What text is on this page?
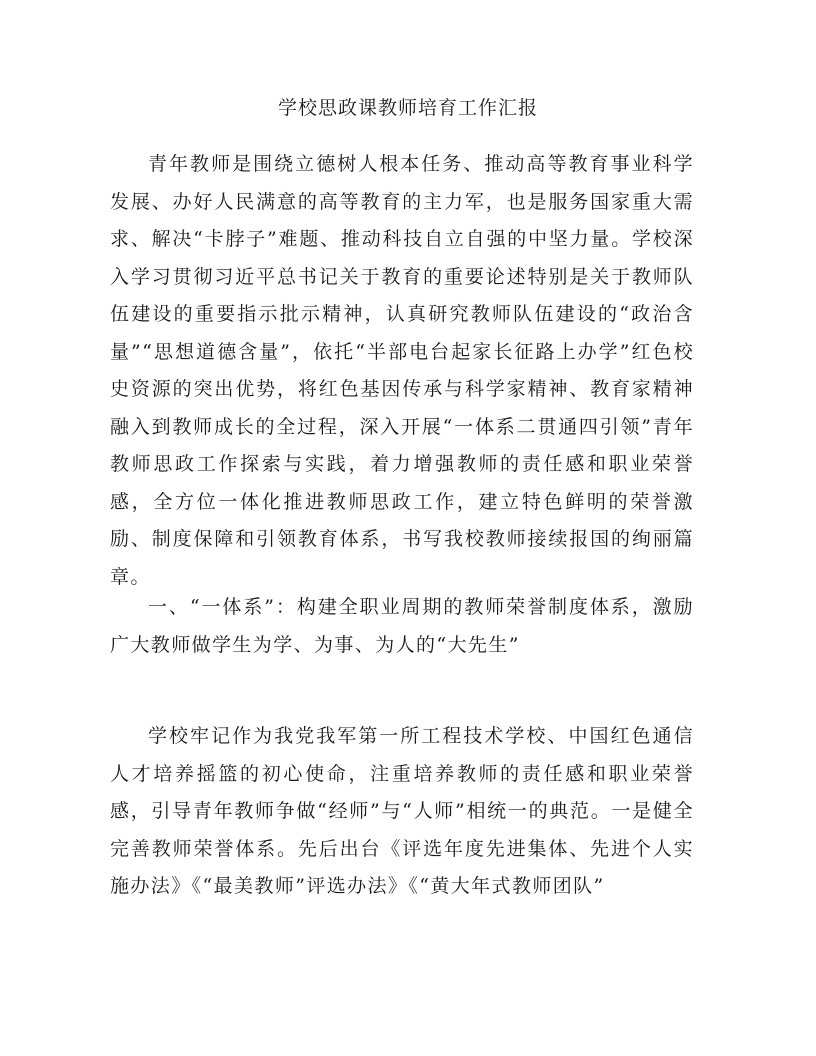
学校思政课教师培育工作汇报

青年教师是围绕立德树人根本任务、推动高等教育事业科学发展、办好人民满意的高等教育的主力军，也是服务国家重大需求、解决“卡脖子”难题、推动科技自立自强的中坚力量。学校深入学习贯彻习近平总书记关于教育的重要论述特别是关于教师队伍建设的重要指示批示精神，认真研究教师队伍建设的“政治含量”“思想道德含量”，依托“半部电台起家长征路上办学”红色校史资源的突出优势，将红色基因传承与科学家精神、教育家精神融入到教师成长的全过程，深入开展“一体系二贯通四引领”青年教师思政工作探索与实践，着力增强教师的责任感和职业荣誉感，全方位一体化推进教师思政工作，建立特色鲜明的荣誉激励、制度保障和引领教育体系，书写我校教师接续报国的绚丽篇章。

一、“一体系”：构建全职业周期的教师荣誉制度体系，激励广大教师做学生为学、为事、为人的“大先生”

学校牢记作为我党我军第一所工程技术学校、中国红色通信人才培养摇篮的初心使命，注重培养教师的责任感和职业荣誉感，引导青年教师争做“经师”与“人师”相统一的典范。一是健全完善教师荣誉体系。先后出台《评选年度先进集体、先进个人实施办法》《“最美教师”评选办法》《“黄大年式教师团队”
